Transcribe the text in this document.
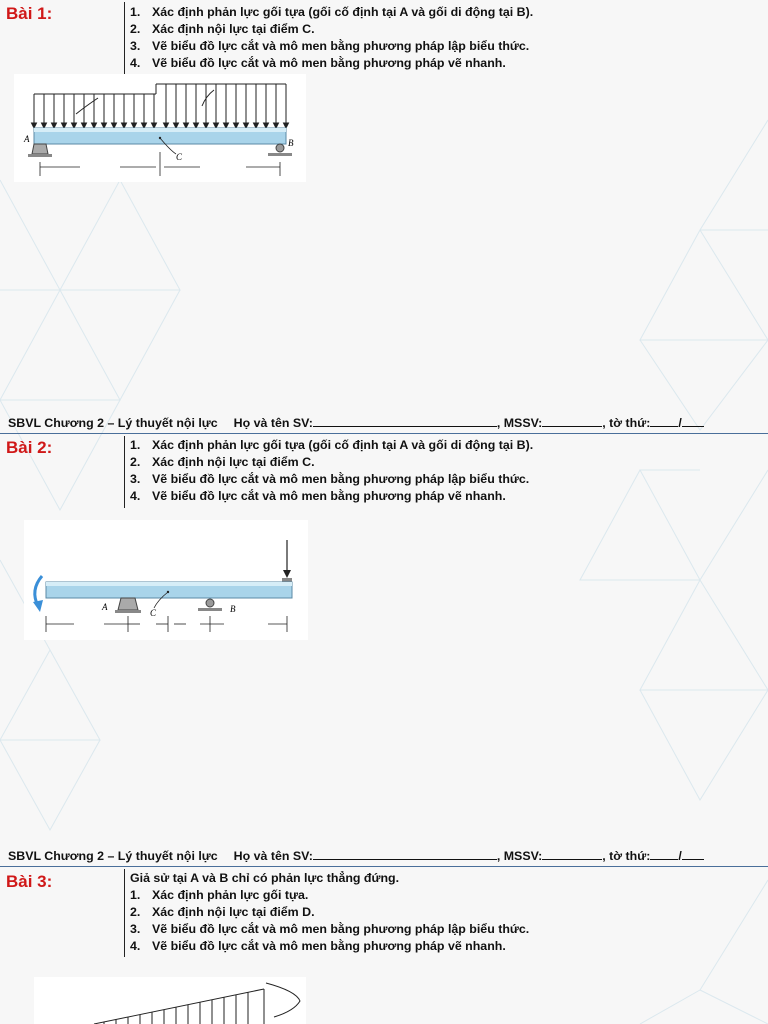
Bài 1:	1. Xác định phản lực gối tựa (gối cố định tại A và gối di động tại B).
2. Xác định nội lực tại điểm C.
3. Vẽ biểu đồ lực cắt và mô men bằng phương pháp lập biểu thức.
4. Vẽ biểu đồ lực cắt và mô men bằng phương pháp vẽ nhanh.
A	B
C
SBVL Chương 2 – Lý thuyết nội lực Họ và tên SV:	, MSSV:	, tờ thứ: /
Bài 2:	1. Xác định phản lực gối tựa (gối cố định tại A và gối di động tại B).
2. Xác định nội lực tại điểm C.
3. Vẽ biểu đồ lực cắt và mô men bằng phương pháp lập biểu thức.
4. Vẽ biểu đồ lực cắt và mô men bằng phương pháp vẽ nhanh.
A	B
C
SBVL Chương 2 – Lý thuyết nội lực Họ và tên SV:	, MSSV:	, tờ thứ: /
Bài 3:	Giả sử tại A và B chỉ có phản lực thẳng đứng.
1. Xác định phản lực gối tựa.
2. Xác định nội lực tại điểm D.
3. Vẽ biểu đồ lực cắt và mô men bằng phương pháp lập biểu thức.
4. Vẽ biểu đồ lực cắt và mô men bằng phương pháp vẽ nhanh.
